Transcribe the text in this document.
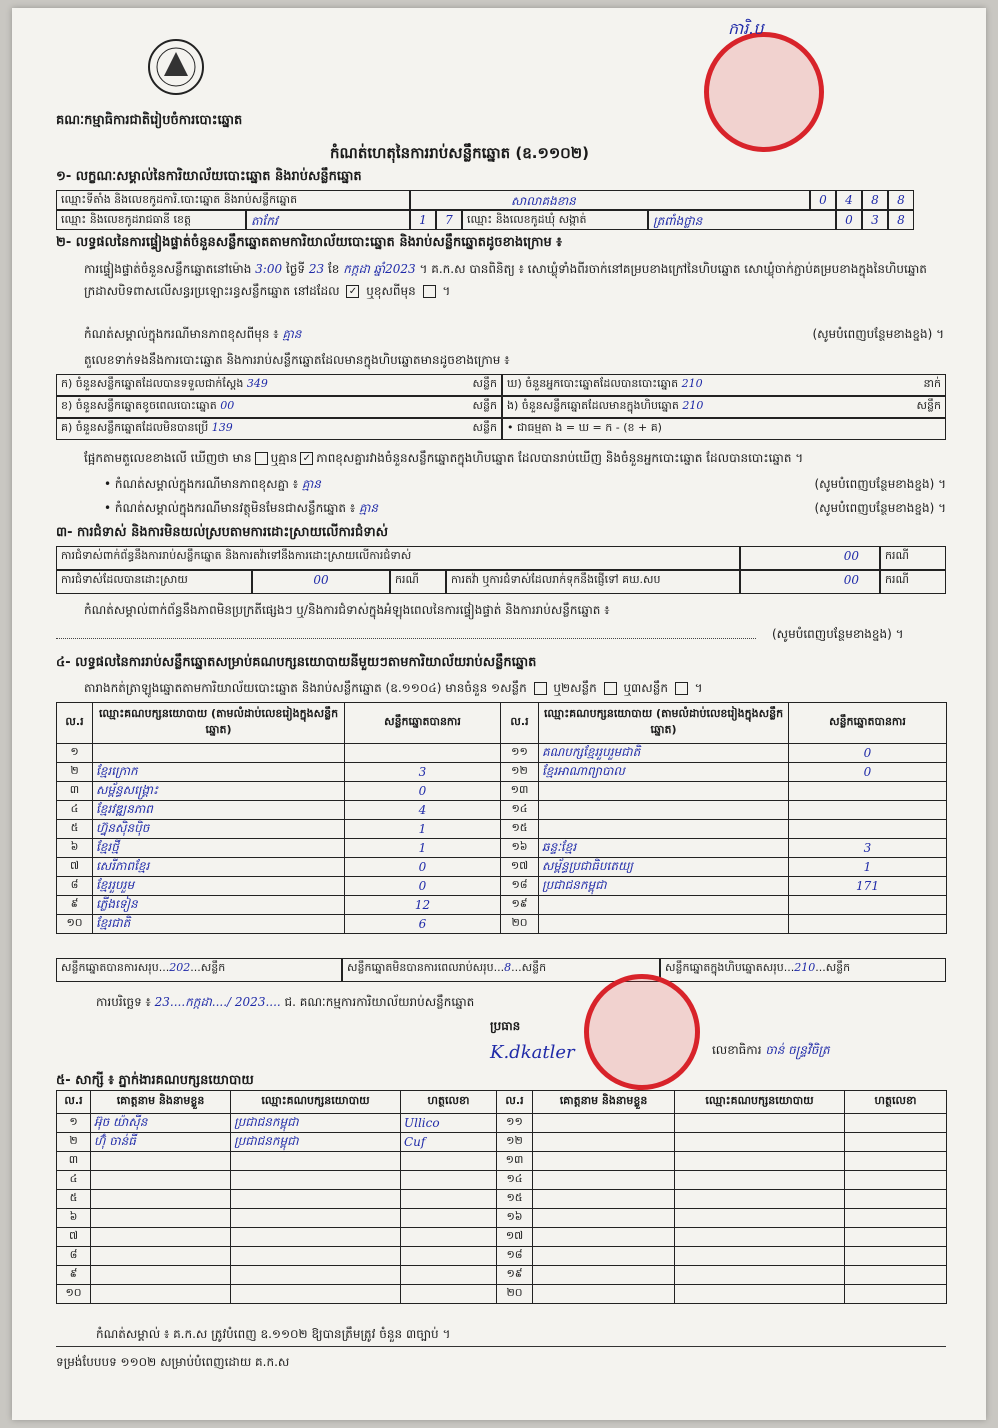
គណៈកម្មាធិការជាតិរៀបចំការបោះឆ្នោត
ការិ.ប
កំណត់ហេតុនៃការរាប់សន្លឹកឆ្នោត (ឧ.១១០២)
១- លក្ខណៈសម្គាល់នៃការិយាល័យបោះឆ្នោត និងរាប់សន្លឹកឆ្នោត
ឈ្មោះទីតាំង និងលេខកូដការិ.បោះឆ្នោត និងរាប់សន្លឹកឆ្នោត	សាលាគងខាន	0	4	8	8
ឈ្មោះ និងលេខកូដរាជធានី ខេត្ត	តាកែវ	1	7	ឈ្មោះ និងលេខកូដឃុំ សង្កាត់	ត្រពាំងថ្លាន	0	3	8
២- លទ្ធផលនៃការផ្ទៀងផ្ទាត់ចំនួនសន្លឹកឆ្នោតតាមការិយាល័យបោះឆ្នោត និងរាប់សន្លឹកឆ្នោតដូចខាងក្រោម ៖
ការផ្ទៀងផ្ទាត់ចំនួនសន្លឹកឆ្នោតនៅម៉ោង 3:00 ថ្ងៃទី 23 ខែ កក្កដា ឆ្នាំ2023 ។ គ.ក.ស បានពិនិត្យ ៖ សោឃ្លុំទាំងពីរចាក់នៅគម្របខាងក្រៅនៃហិបឆ្នោត សោឃ្លុំចាក់ភ្ជាប់គម្របខាងក្នុងនៃហិបឆ្នោត ក្រដាសបិទពាសលើសន្ធរប្រឡោះរន្ធសន្លឹកឆ្នោត នៅដដែល ✓ ឬខុសពីមុន  ។
កំណត់សម្គាល់ក្នុងករណីមានភាពខុសពីមុន ៖ គ្មាន	(សូមបំពេញបន្ថែមខាងខ្នង) ។
តួលេខទាក់ទងនឹងការបោះឆ្នោត និងការរាប់សន្លឹកឆ្នោតដែលមានក្នុងហិបឆ្នោតមានដូចខាងក្រោម ៖
ក) ចំនួនសន្លឹកឆ្នោតដែលបានទទួលជាក់ស្តែង 349	សន្លឹក ឃ) ចំនួនអ្នកបោះឆ្នោតដែលបានបោះឆ្នោត 210	នាក់
ខ) ចំនួនសន្លឹកឆ្នោតខូចពេលបោះឆ្នោត 00	សន្លឹក ង) ចំនួនសន្លឹកឆ្នោតដែលមានក្នុងហិបឆ្នោត 210	សន្លឹក
គ) ចំនួនសន្លឹកឆ្នោតដែលមិនបានប្រើ 139	សន្លឹក • ជាធម្មតា ង = ឃ = ក - (ខ + គ)
ផ្អែកតាមតួលេខខាងលើ ឃើញថា មាន ឬគ្មាន ✓ ភាពខុសគ្នារវាងចំនួនសន្លឹកឆ្នោតក្នុងហិបឆ្នោត ដែលបានរាប់ឃើញ និងចំនួនអ្នកបោះឆ្នោត ដែលបានបោះឆ្នោត ។
• កំណត់សម្គាល់ក្នុងករណីមានភាពខុសគ្នា ៖ គ្មាន	(សូមបំពេញបន្ថែមខាងខ្នង) ។
• កំណត់សម្គាល់ក្នុងករណីមានវត្ថុមិនមែនជាសន្លឹកឆ្នោត ៖ គ្មាន	(សូមបំពេញបន្ថែមខាងខ្នង) ។
៣- ការជំទាស់ និងការមិនយល់ស្របតាមការដោះស្រាយលើការជំទាស់
ការជំទាស់ពាក់ព័ន្ធនឹងការរាប់សន្លឹកឆ្នោត និងការតវ៉ាទៅនឹងការដោះស្រាយលើការជំទាស់	00	ករណី
ការជំទាស់ដែលបានដោះស្រាយ	00	ករណី	ការតវ៉ា ឬការជំទាស់ដែលរាក់ទុកនឹងផ្ញើទៅ គឃ.សប	00	ករណី
កំណត់សម្គាល់ពាក់ព័ន្ធនឹងភាពមិនប្រក្រតីផ្សេងៗ ឬ/និងការជំទាស់ក្នុងអំឡុងពេលនៃការផ្ទៀងផ្ទាត់ និងការរាប់សន្លឹកឆ្នោត ៖
(សូមបំពេញបន្ថែមខាងខ្នង) ។
៤- លទ្ធផលនៃការរាប់សន្លឹកឆ្នោតសម្រាប់គណបក្សនយោបាយនីមួយៗតាមការិយាល័យរាប់សន្លឹកឆ្នោត
តារាងកត់ត្រាឡូងឆ្នោតតាមការិយាល័យបោះឆ្នោត និងរាប់សន្លឹកឆ្នោត (ឧ.១១០៤) មានចំនួន ១សន្លឹក ឬ២សន្លឹក ឬ៣សន្លឹក  ។
ល.រ	ឈ្មោះគណបក្សនយោបាយ (តាមលំដាប់លេខរៀងក្នុងសន្លឹកឆ្នោត)	សន្លឹកឆ្នោតបានការ	ល.រ	ឈ្មោះគណបក្សនយោបាយ (តាមលំដាប់លេខរៀងក្នុងសន្លឹកឆ្នោត)	សន្លឹកឆ្នោតបានការ
១			១១	គណបក្សខ្មែររួបរួមជាតិ	0
២	ខ្មែរក្រោក	3	១២	ខ្មែរអាណាព្យាបាល	0
៣	សម្ព័ន្ធសង្គ្រោះ	0	១៣		
៤	ខ្មែរវឌ្ឍនភាព	4	១៤		
៥	ហ្វ៊ុនស៊ិនប៉ិច	1	១៥		
៦	ខ្មែរថ្មី	1	១៦	ឆន្ទៈខ្មែរ	3
៧	សេរីភាពខ្មែរ	0	១៧	សម្ព័ន្ធប្រជាធិបតេយ្យ	1
៨	ខ្មែររួបរួម	0	១៨	ប្រជាជនកម្ពុជា	171
៩	ភ្លើងទៀន	12	១៩		
១០	ខ្មែរជាតិ	6	២០		
សន្លឹកឆ្នោតបានការសរុប...202...សន្លឹក	សន្លឹកឆ្នោតមិនបានការពេលរាប់សរុប...8...សន្លឹក	សន្លឹកឆ្នោតក្នុងហិបឆ្នោតសរុប...210...សន្លឹក
ការបរិច្ឆេទ ៖ 23....កក្កដា..../ 2023.... ជ. គណៈកម្មការការិយាល័យរាប់សន្លឹកឆ្នោត
ប្រធាន
K.dkatler	លេខាធិការ ចាន់ ចន្ទ្រវិចិត្រ
៥- សាក្សី ៖ ភ្នាក់ងារគណបក្សនយោបាយ
ល.រ	គោត្តនាម និងនាមខ្លួន	ឈ្មោះគណបក្សនយោបាយ	ហត្ថលេខា	ល.រ	គោត្តនាម និងនាមខ្លួន	ឈ្មោះគណបក្សនយោបាយ	ហត្ថលេខា
១	អ៊ុច យ៉ាស៊ីន	ប្រជាជនកម្ពុជា	Ullico	១១			
២	ហ៊ុំ ចាន់ធី	ប្រជាជនកម្ពុជា	Cuf	១២			
៣				១៣			
៤				១៤			
៥				១៥			
៦				១៦			
៧				១៧			
៨				១៨			
៩				១៩			
១០				២០			
កំណត់សម្គាល់ ៖ គ.ក.ស ត្រូវបំពេញ ឧ.១១០២ ឱ្យបានត្រឹមត្រូវ ចំនួន ៣ច្បាប់ ។
ទម្រង់បែបបទ ១១០២ សម្រាប់បំពេញដោយ គ.ក.ស
